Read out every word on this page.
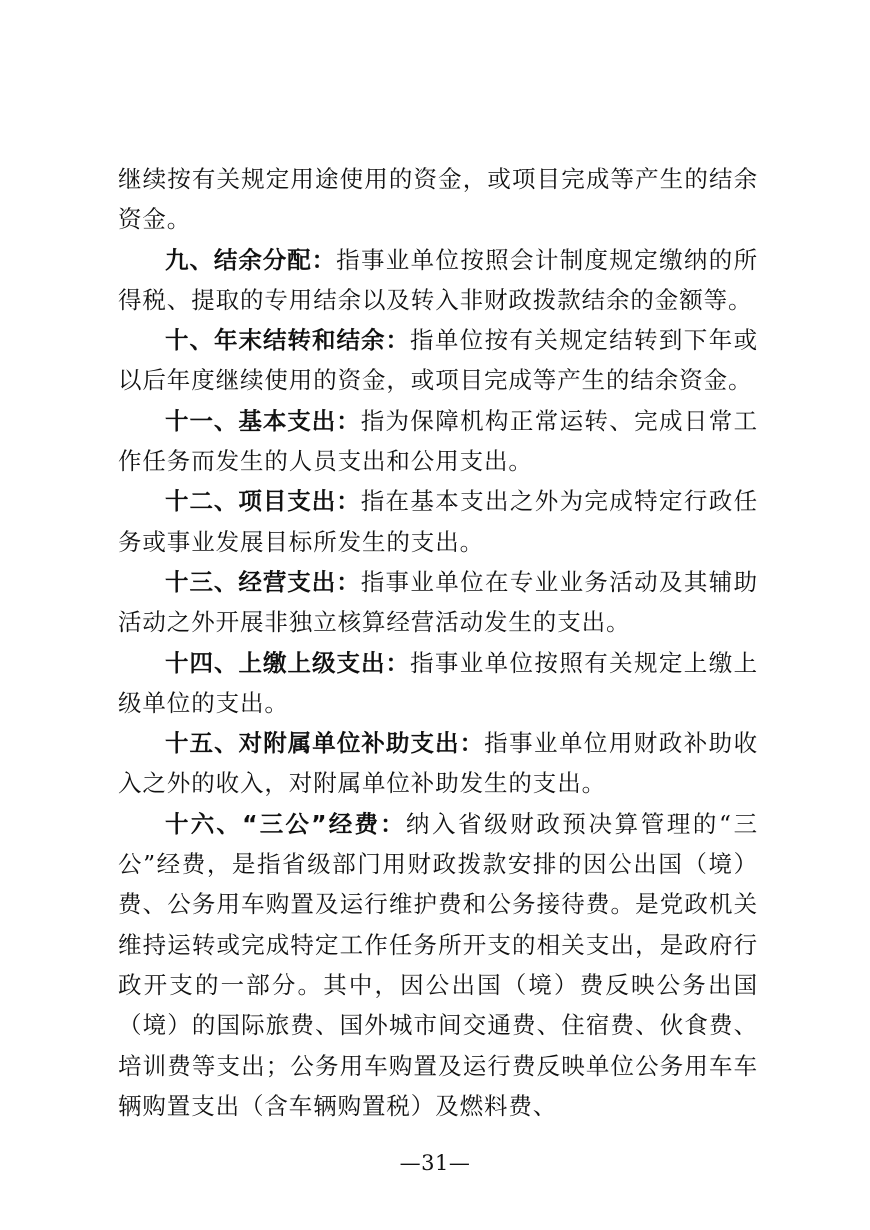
继续按有关规定用途使用的资金，或项目完成等产生的结余资金。

九、结余分配：指事业单位按照会计制度规定缴纳的所得税、提取的专用结余以及转入非财政拨款结余的金额等。

十、年末结转和结余：指单位按有关规定结转到下年或以后年度继续使用的资金，或项目完成等产生的结余资金。

十一、基本支出：指为保障机构正常运转、完成日常工作任务而发生的人员支出和公用支出。

十二、项目支出：指在基本支出之外为完成特定行政任务或事业发展目标所发生的支出。

十三、经营支出：指事业单位在专业业务活动及其辅助活动之外开展非独立核算经营活动发生的支出。

十四、上缴上级支出：指事业单位按照有关规定上缴上级单位的支出。

十五、对附属单位补助支出：指事业单位用财政补助收入之外的收入，对附属单位补助发生的支出。

十六、“三公”经费：纳入省级财政预决算管理的“三公”经费，是指省级部门用财政拨款安排的因公出国（境）费、公务用车购置及运行维护费和公务接待费。是党政机关维持运转或完成特定工作任务所开支的相关支出，是政府行政开支的一部分。其中，因公出国（境）费反映公务出国（境）的国际旅费、国外城市间交通费、住宿费、伙食费、培训费等支出；公务用车购置及运行费反映单位公务用车车辆购置支出（含车辆购置税）及燃料费、

—31—
